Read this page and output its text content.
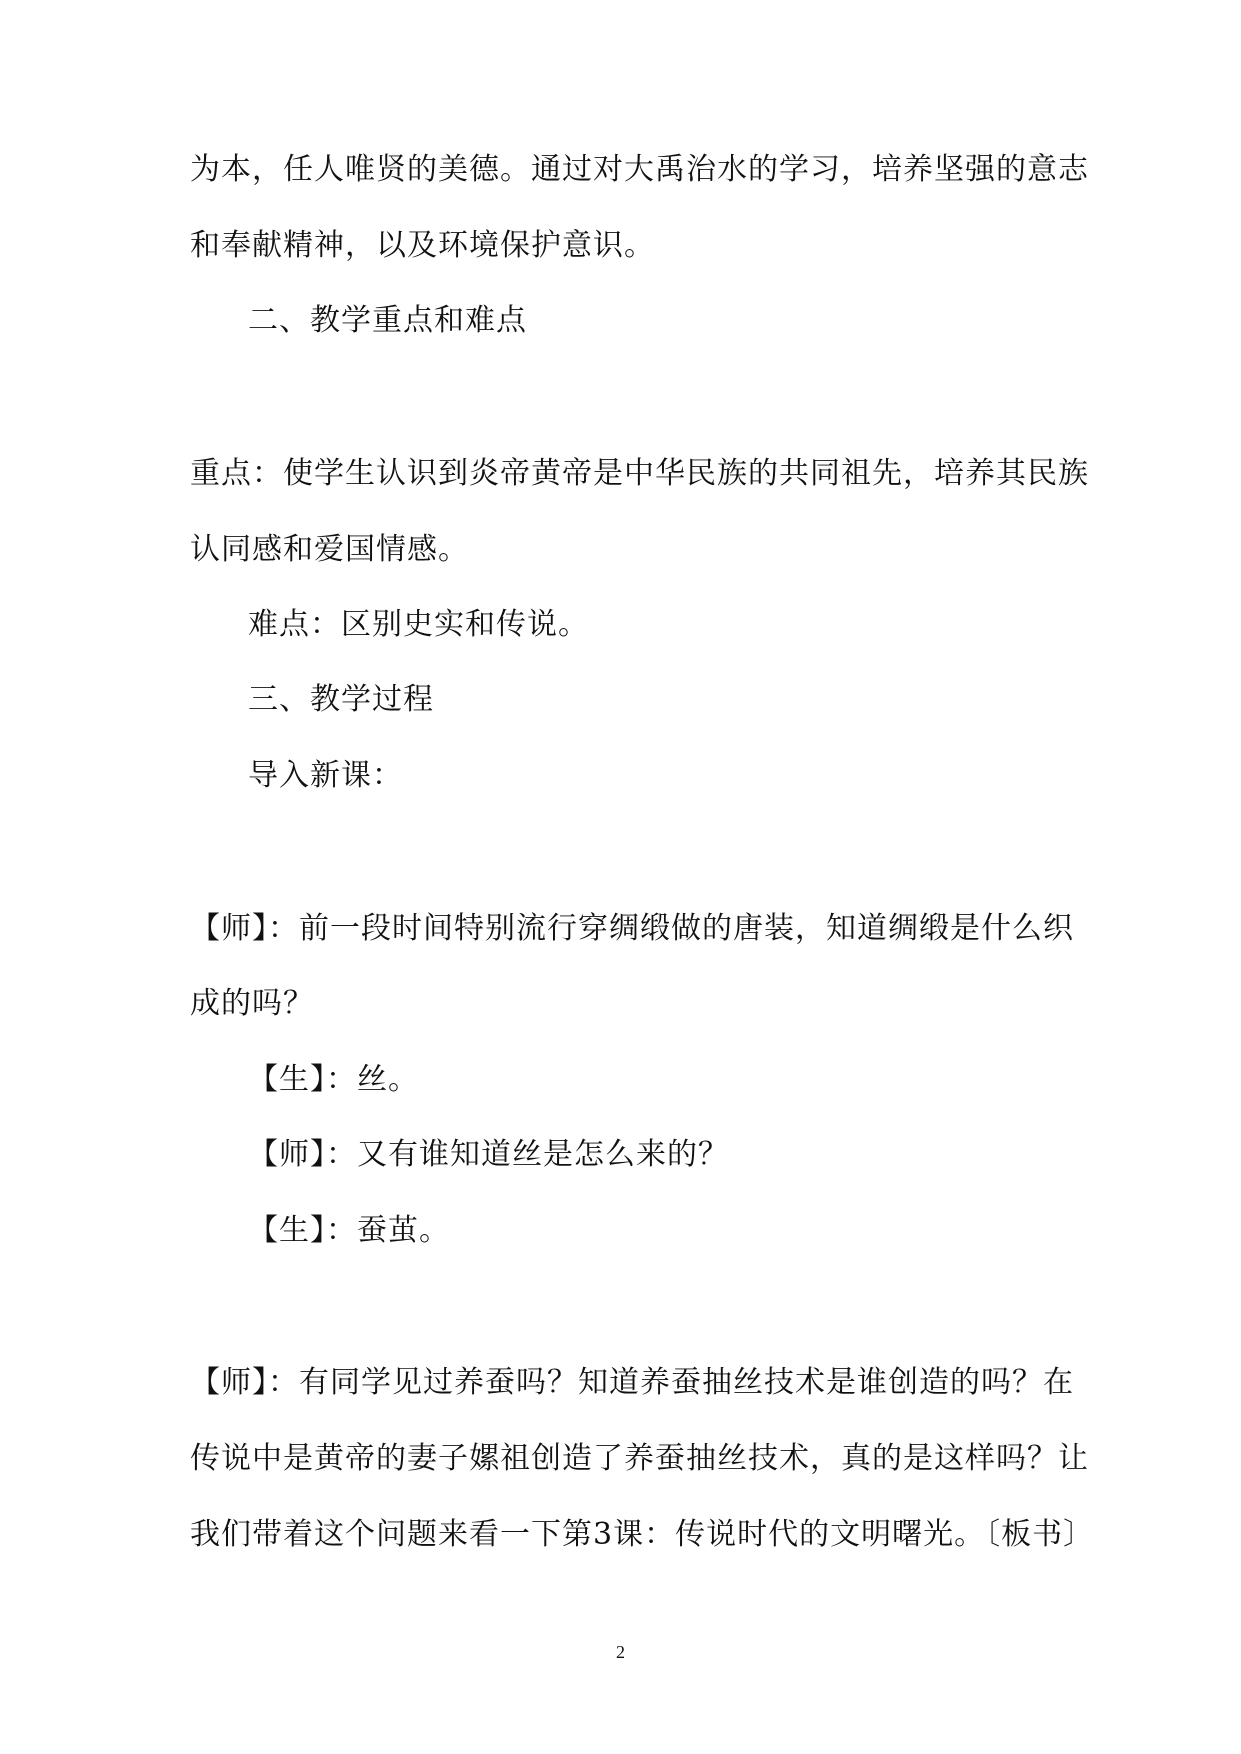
为本，任人唯贤的美德。通过对大禹治水的学习，培养坚强的意志

和奉献精神，以及环境保护意识。

二、教学重点和难点

重点：使学生认识到炎帝黄帝是中华民族的共同祖先，培养其民族

认同感和爱国情感。

难点：区别史实和传说。

三、教学过程

导入新课：

【师】：前一段时间特别流行穿绸缎做的唐装，知道绸缎是什么织

成的吗？

【生】：丝。

【师】：又有谁知道丝是怎么来的？

【生】：蚕茧。

【师】：有同学见过养蚕吗？知道养蚕抽丝技术是谁创造的吗？在

传说中是黄帝的妻子嫘祖创造了养蚕抽丝技术，真的是这样吗？让

我们带着这个问题来看一下第3课：传说时代的文明曙光。〔板书〕

2
